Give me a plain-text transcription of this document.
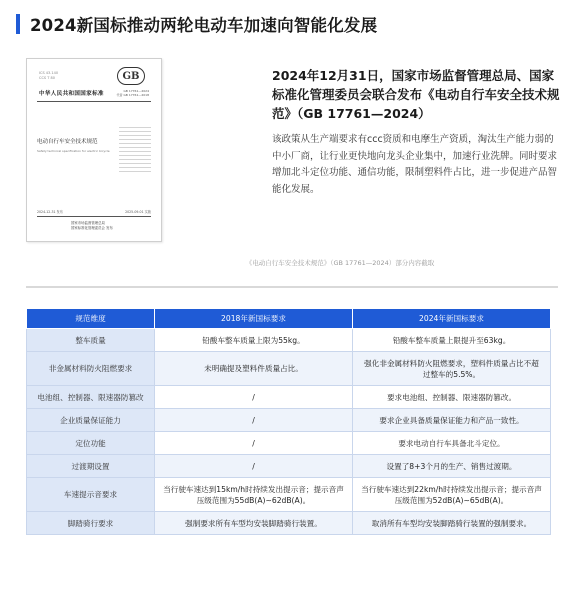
2024新国标推动两轮电动车加速向智能化发展
ICS 43.140
CCS T 80	GB
中华人民共和国国家标准	GB 17761—2024
代替 GB 17761—2018
电动自行车安全技术规范
Safety technical specification for electric bicycle
2024-12-31 发布	2025-09-01 实施
国家市场监督管理总局
国家标准化管理委员会 发布
2024年12月31日，国家市场监督管理总局、国家标准化管理委员会联合发布《电动自行车安全技术规范》（GB 17761—2024）
该政策从生产端要求有ccc资质和电摩生产资质，淘汰生产能力弱的中小厂商，让行业更快地向龙头企业集中，加速行业洗牌。同时要求增加北斗定位功能、通信功能，限制塑料件占比，进一步促进产品智能化发展。
《电动自行车安全技术规范》（GB 17761—2024）部分内容截取
规范维度	2018年新国标要求	2024年新国标要求
整车质量	铅酸车整车质量上限为55kg。	铅酸车整车质量上限提升至63kg。
非金属材料防火阻燃要求	未明确提及塑料件质量占比。	强化非金属材料防火阻燃要求，塑料件质量占比不超过整车的5.5%。
电池组、控制器、限速器防篡改	/	要求电池组、控制器、限速器防篡改。
企业质量保证能力	/	要求企业具备质量保证能力和产品一致性。
定位功能	/	要求电动自行车具备北斗定位。
过渡期设置	/	设置了8+3个月的生产、销售过渡期。
车速提示音要求	当行驶车速达到15km/h时持续发出提示音；提示音声压级范围为55dB(A)~62dB(A)。	当行驶车速达到22km/h时持续发出提示音；提示音声压级范围为52dB(A)~65dB(A)。
脚踏骑行要求	强制要求所有车型均安装脚踏骑行装置。	取消所有车型均安装脚踏骑行装置的强制要求。
